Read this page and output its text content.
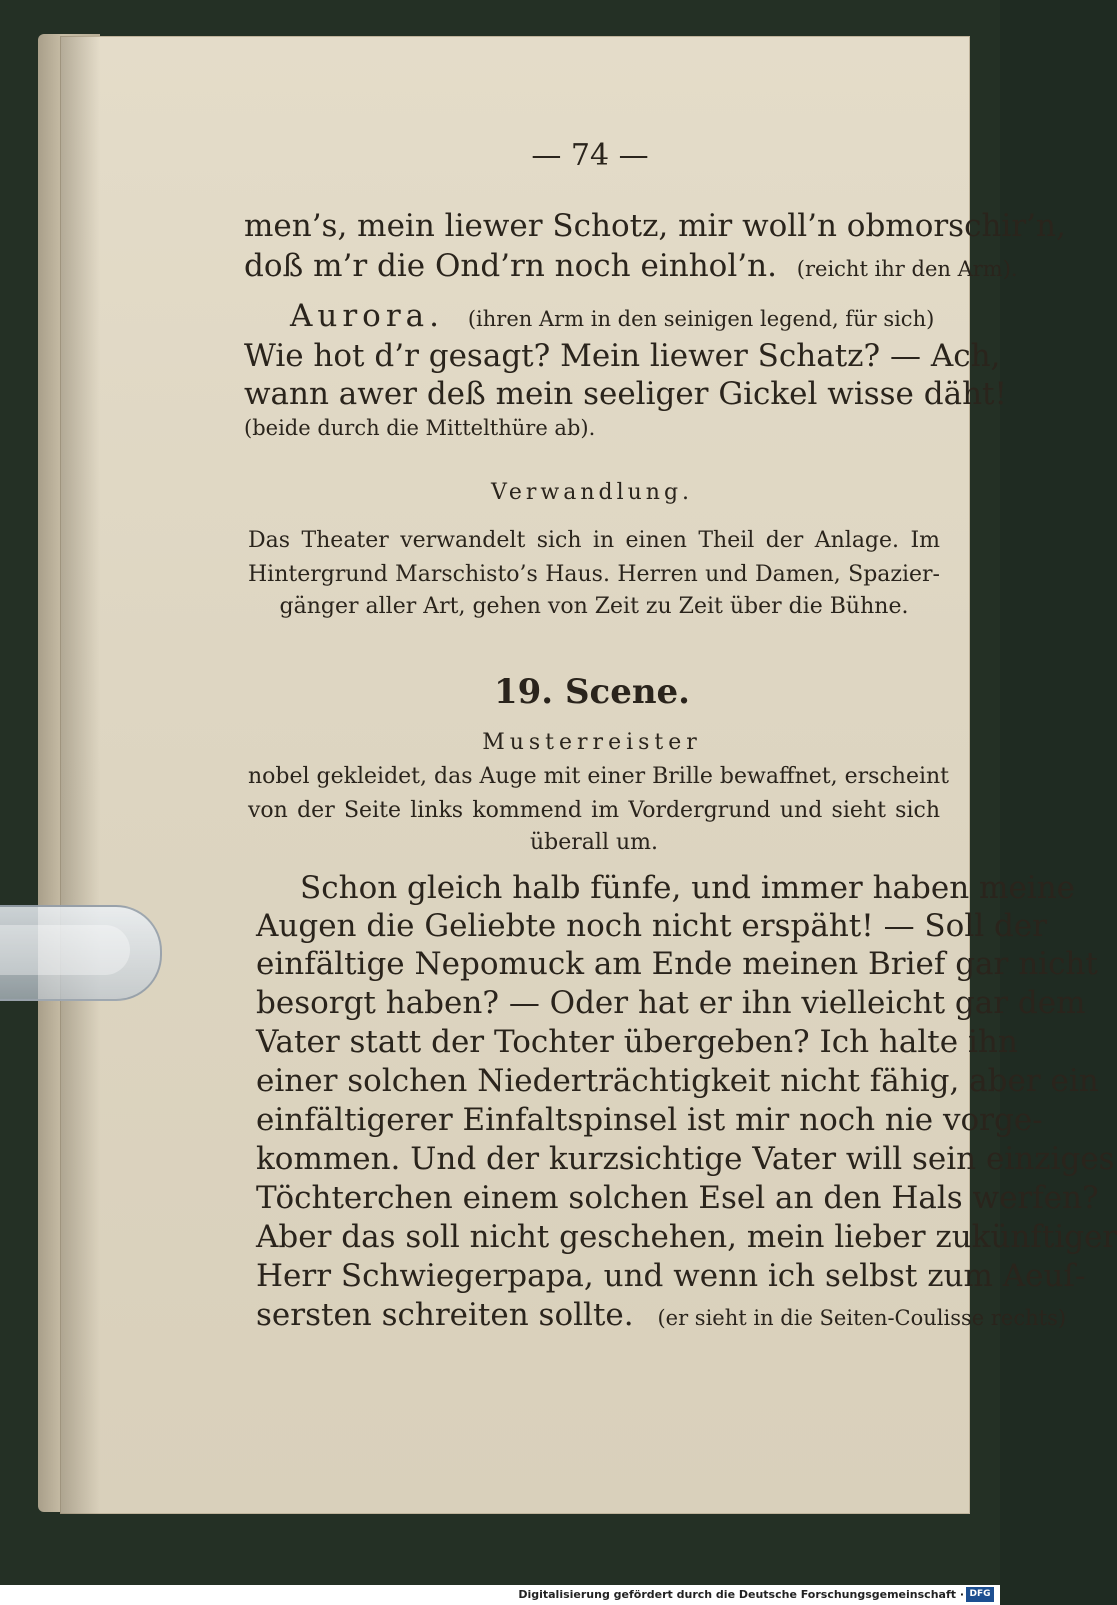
— 74 —
men’s, mein liewer Schotz, mir woll’n obmorschir’n,
doß m’r die Ond’rn noch einhol’n. (reicht ihr den Arm).
Aurora. (ihren Arm in den seinigen legend, für sich)
Wie hot d’r gesagt? Mein liewer Schatz? — Ach,
wann awer deß mein seeliger Gickel wisse däht!
(beide durch die Mittelthüre ab).
Verwandlung.
Das Theater verwandelt sich in einen Theil der Anlage. Im
Hintergrund Marschisto’s Haus. Herren und Damen, Spazier-
gänger aller Art, gehen von Zeit zu Zeit über die Bühne.
19. Scene.
Musterreister
nobel gekleidet, das Auge mit einer Brille bewaffnet, erscheint
von der Seite links kommend im Vordergrund und sieht sich
überall um.
Schon gleich halb fünfe, und immer haben meine
Augen die Geliebte noch nicht erspäht! — Soll der
einfältige Nepomuck am Ende meinen Brief gar nicht
besorgt haben? — Oder hat er ihn vielleicht gar dem
Vater statt der Tochter übergeben? Ich halte ihn
einer solchen Niederträchtigkeit nicht fähig, aber ein
einfältigerer Einfaltspinsel ist mir noch nie vorge-
kommen. Und der kurzsichtige Vater will sein einziges
Töchterchen einem solchen Esel an den Hals werfen?
Aber das soll nicht geschehen, mein lieber zukünftiger
Herr Schwiegerpapa, und wenn ich selbst zum Aeuſ-
sersten schreiten sollte. (er sieht in die Seiten-Coulisse rechts)
Digitalisierung gefördert durch die Deutsche Forschungsgemeinschaft · DFG
